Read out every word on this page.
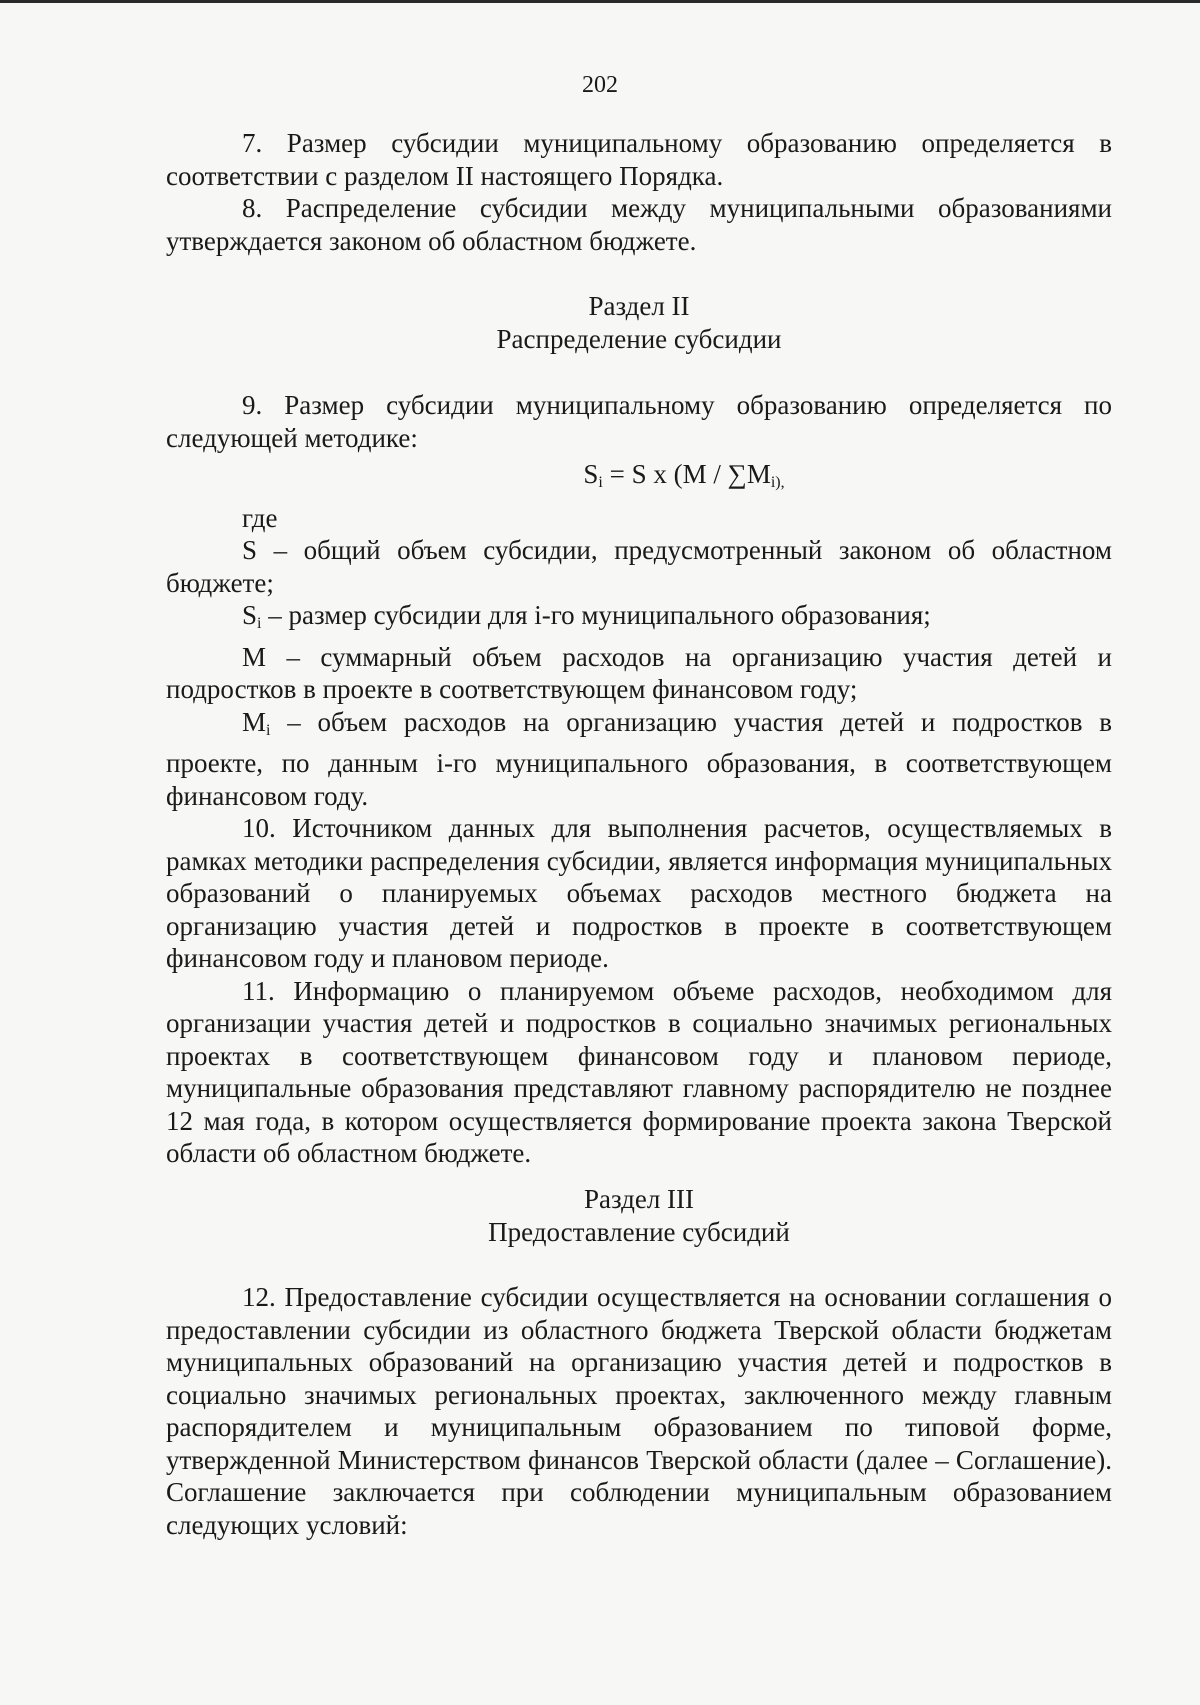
202

7. Размер субсидии муниципальному образованию определяется в соответствии с разделом II настоящего Порядка.

8. Распределение субсидии между муниципальными образованиями утверждается законом об областном бюджете.

Раздел II

Распределение субсидии

9. Размер субсидии муниципальному образованию определяется по следующей методике:

$S_i = S$ x ($M / \sum M_{i),}$

где

S – общий объем субсидии, предусмотренный законом об областном бюджете;

$S_i$ – размер субсидии для i-го муниципального образования;

M – суммарный объем расходов на организацию участия детей и подростков в проекте в соответствующем финансовом году;

$M_i$ – объем расходов на организацию участия детей и подростков в проекте, по данным i-го муниципального образования, в соответствующем финансовом году.

10. Источником данных для выполнения расчетов, осуществляемых в рамках методики распределения субсидии, является информация муниципальных образований о планируемых объемах расходов местного бюджета на организацию участия детей и подростков в проекте в соответствующем финансовом году и плановом периоде.

11. Информацию о планируемом объеме расходов, необходимом для организации участия детей и подростков в социально значимых региональных проектах в соответствующем финансовом году и плановом периоде, муниципальные образования представляют главному распорядителю не позднее 12 мая года, в котором осуществляется формирование проекта закона Тверской области об областном бюджете.

Раздел III

Предоставление субсидий

12. Предоставление субсидии осуществляется на основании соглашения о предоставлении субсидии из областного бюджета Тверской области бюджетам муниципальных образований на организацию участия детей и подростков в социально значимых региональных проектах, заключенного между главным распорядителем и муниципальным образованием по типовой форме, утвержденной Министерством финансов Тверской области (далее – Соглашение). Соглашение заключается при соблюдении муниципальным образованием следующих условий:
